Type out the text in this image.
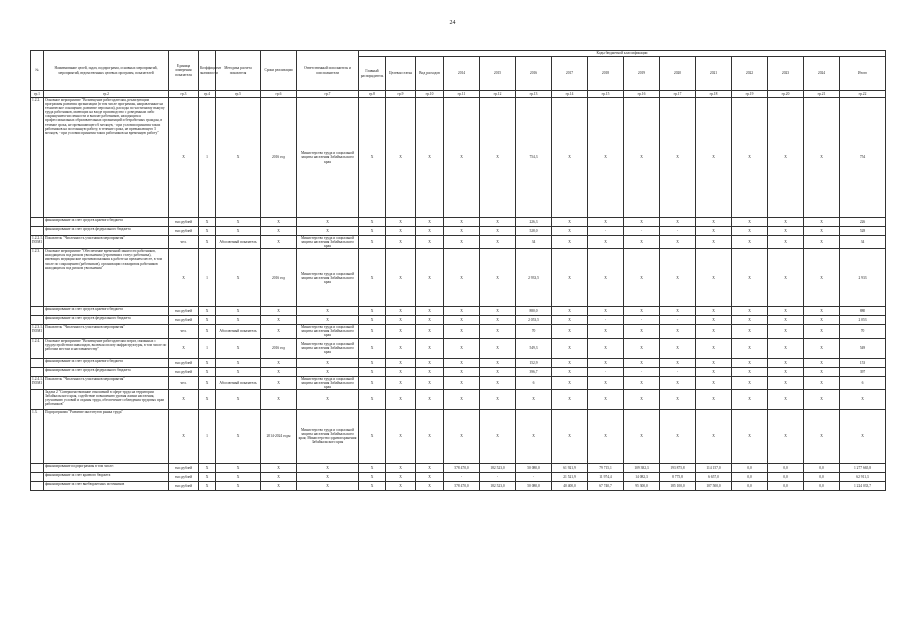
24
№	Наименование целей, задач, подпрограмм, основных мероприятий, мероприятий, ведомственных целевых программ, показателей	Единица измерения показателя	Коэффициент значимости	Методика расчета показателя	Сроки реализации	Ответственный исполнитель и соисполнители	Коды бюджетной классификации														
							Главный распорядитель	Целевая статья	Вид расходов	2014	2015	2016	2017	2018	2019	2020	2021	2022	2023	2024	Итого
гр.1	гр.2	гр.3	гр.4	гр.5	гр.6	гр.7	гр.8	гр.9	гр.10	гр.11	гр.12	гр.13	гр.14	гр.15	гр.16	гр.17	гр.18	гр.19	гр.20	гр.21	гр.22
1.2.2.	Основное мероприятие "Возмещение работодателям, реализующим программы развития организации (в том числе программы, направленные на техническое оснащение, развитие персонала), расходы по частичному выкупу труда работников, имеющих на входе производство с доведенным либо сокращением численности и выплат работников, находящихся профессиональных образовательных организаций и безработных граждан, в течение срока, не превышающего 6 месяцев, - при условии принятия таких работников на постоянную работу, в течение срока, не превышающего 3 месяцев, - при условии принятия таких работников на временную работу"	X	1	X	2016 год	Министерство труда и социальной защиты населения Забайкальского края	X	X	X	X	X	754,3	X	X	X	X	X	X	X	X	754
	финансирование за счет средств краевого бюджета	тыс.рублей	X	X	X	X	X	X	X	X	X	226,3	X	X	X	X	X	X	X	X	226
	финансирование за счет средств федерального бюджета	тыс.рублей	X	X	X	X	X	X	X	X	X	528,0	X	-	-	-	X	X	X	X	528
1.2.2.1. ПОМ1	Показатель "Численность участников мероприятия"	чел.	X	Абсолютный показатель	X	Министерство труда и социальной защиты населения Забайкальского края	X	X	X	X	X	34	X	X	X	X	X	X	X	X	34
1.2.3.	Основное мероприятие "Обеспечение временной занятости работников, находящихся под риском увольнения (утративших статус работника), имеющих медицинские противопоказания к работе на прежнем месте, в том числе по сокращению (работников), организации стажировок работников находящихся под риском увольнения"	X	1	X	2016 год	Министерство труда и социальной защиты населения Забайкальского края	X	X	X	X	X	2 933,5	X	X	X	X	X	X	X	X	2 933
	финансирование за счет средств краевого бюджета	тыс.рублей	X	X	X	X	X	X	X	X	X	880,0	X	X	X	X	X	X	X	X	880
	финансирование за счет средств федерального бюджета	тыс.рублей	X	X	X	X	X	X	X	X	X	2 053,5	X	-	-	-	X	X	X	X	2 053
1.2.3.1. ПОМ1	Показатель "Численность участников мероприятия"	чел.	X	Абсолютный показатель	X	Министерство труда и социальной защиты населения Забайкальского края	X	X	X	X	X	70	X	X	X	X	X	X	X	X	70
1.2.4.	Основное мероприятие "Возмещение работодателям затрат, связанных с трудоустройством инвалидов, включая оплату инфраструктуры, в том числе по рабочим местам и наставничеству"	X	1	X	2016 год	Министерство труда и социальной защиты населения Забайкальского края	X	X	X	X	X	549,3	X	X	X	X	X	X	X	X	549
	финансирование за счет средств краевого бюджета	тыс.рублей	X	X	X	X	X	X	X	X	X	152,9	X	X	X	X	X	X	X	X	153
	финансирование за счет средств федерального бюджета	тыс.рублей	X	X	X	X	X	X	X	X	X	396,7	X	-	-	-	X	X	X	X	397
1.2.4.1. ПОМ1	Показатель "Численность участников мероприятия"	чел.	X	Абсолютный показатель	X	Министерство труда и социальной защиты населения Забайкальского края	X	X	X	X	X	6	X	X	X	X	X	X	X	X	6
	Задача 2 "Совершенствование отношений в сфере труда на территории Забайкальского края, содействие повышению уровня жизни населения, улучшению условий и охраны труда, обеспечение соблюдения трудовых прав работников"	X	X	X	X	X	X	X	X	X	X	X	X	X	X	X	X	X	X	X	X
1.3.	Подпрограмма "Развитие институтов рынка труда"	X	1	X	2014-2024 годы	Министерство труда и социальной защиты населения Забайкальского края; Министерство здравоохранения Забайкальского края	X	X	X	X	X	X	X	X	X	X	X	X	X	X	X
	финансирование подпрограммы в том числе:	тыс.рублей	X	X	X	X	X	X	X	578 470,0	182 523,0	50 080,0	61 921,9	79 715,1	109 382,3	193 875,8	114 157,0	0,0	0,0	0,0	1 277 665,8
	финансирование за счет краевого бюджета	тыс.рублей	X	X	X	X	X	X	X	-	-	-	21 521,9	11 974,4	14 082,3	8 775,8	6 657,0	0,0	0,0	0,0	62 911,3
	финансирование за счет внебюджетных источников	тыс.рублей	X	X	X	X	X	X	X	578 470,0	182 523,0	50 080,0	40 400,0	67 740,7	95 300,0	185 100,0	107 500,0	0,0	0,0	0,0	1 224 033,7
